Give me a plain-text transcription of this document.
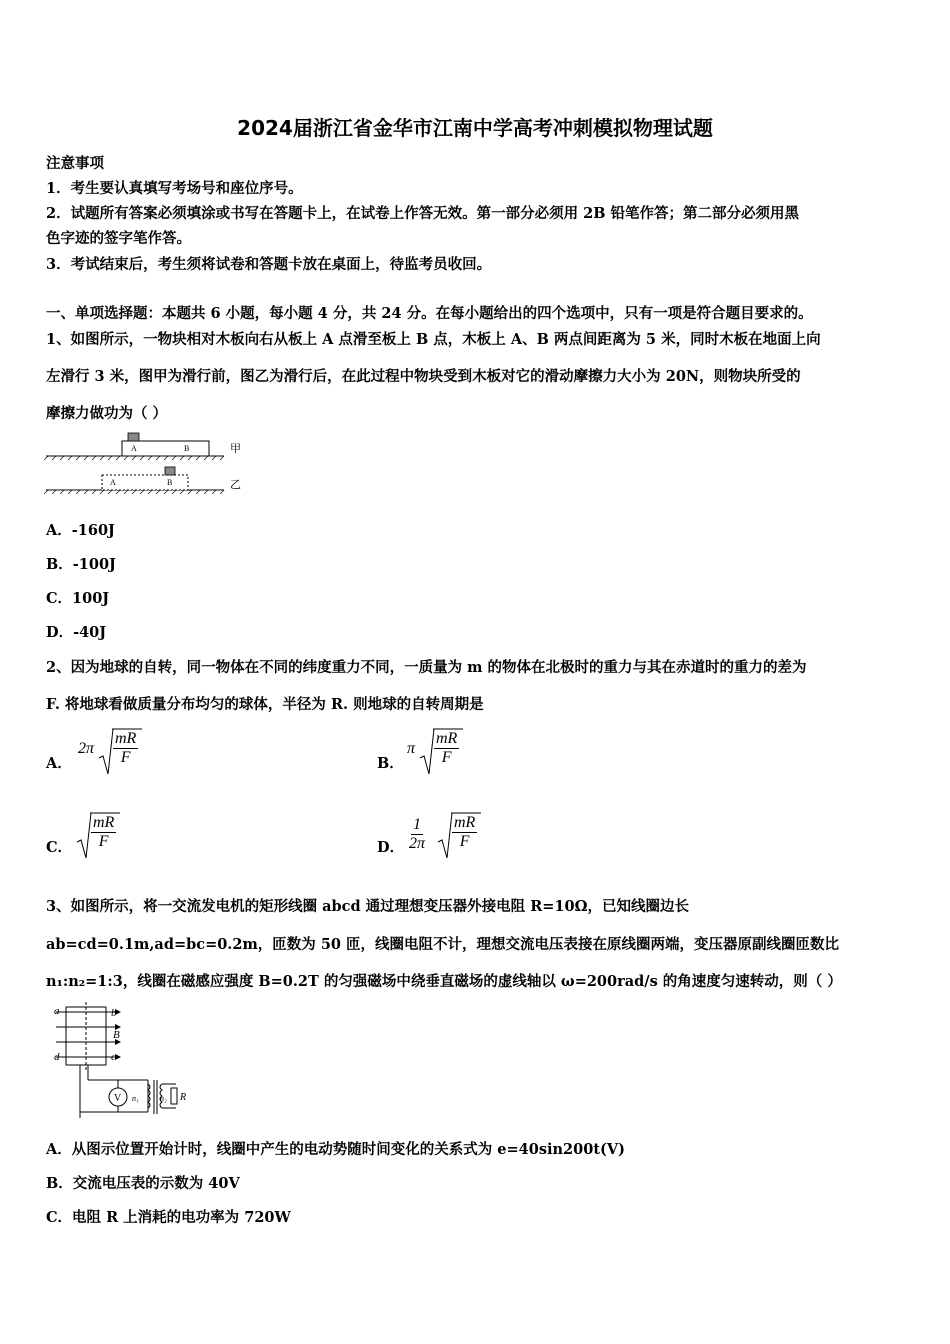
2024届浙江省金华市江南中学高考冲刺模拟物理试题
注意事项
1．考生要认真填写考场号和座位序号。
2．试题所有答案必须填涂或书写在答题卡上，在试卷上作答无效。第一部分必须用 2B 铅笔作答；第二部分必须用黑
色字迹的签字笔作答。
3．考试结束后，考生须将试卷和答题卡放在桌面上，待监考员收回。
一、单项选择题：本题共 6 小题，每小题 4 分，共 24 分。在每小题给出的四个选项中，只有一项是符合题目要求的。
1、如图所示，一物块相对木板向右从板上 A 点滑至板上 B 点，木板上 A、B 两点间距离为 5 米，同时木板在地面上向
左滑行 3 米，图甲为滑行前，图乙为滑行后，在此过程中物块受到木板对它的滑动摩擦力大小为 20N，则物块所受的
摩擦力做功为（ ）
A	B	甲
A	B	乙
A．-160J
B．-100J
C．100J
D．-40J
2、因为地球的自转，同一物体在不同的纬度重力不同，一质量为 m 的物体在北极时的重力与其在赤道时的重力的差为
F. 将地球看做质量分布均匀的球体，半径为 R. 则地球的自转周期是
A．
$2\pi \frac{mR}{F}$	B．
π $\frac{mR}{F}$
C． $\frac{mR}{F}$	D． $\frac{1}{2\pi} \frac{mR}{F}$
3、如图所示，将一交流发电机的矩形线圈 abcd 通过理想变压器外接电阻 R=10Ω，已知线圈边长
ab=cd=0.1m,ad=bc=0.2m，匝数为 50 匝，线圈电阻不计，理想交流电压表接在原线圈两端，变压器原副线圈匝数比
n₁:n₂=1:3，线圈在磁感应强度 B=0.2T 的匀强磁场中绕垂直磁场的虚线轴以 ω=200rad/s 的角速度匀速转动，则（ ）
a	b
B
d	c
V n₁	n₂ R
A．从图示位置开始计时，线圈中产生的电动势随时间变化的关系式为 e=40sin200t(V)
B．交流电压表的示数为 40V
C．电阻 R 上消耗的电功率为 720W
